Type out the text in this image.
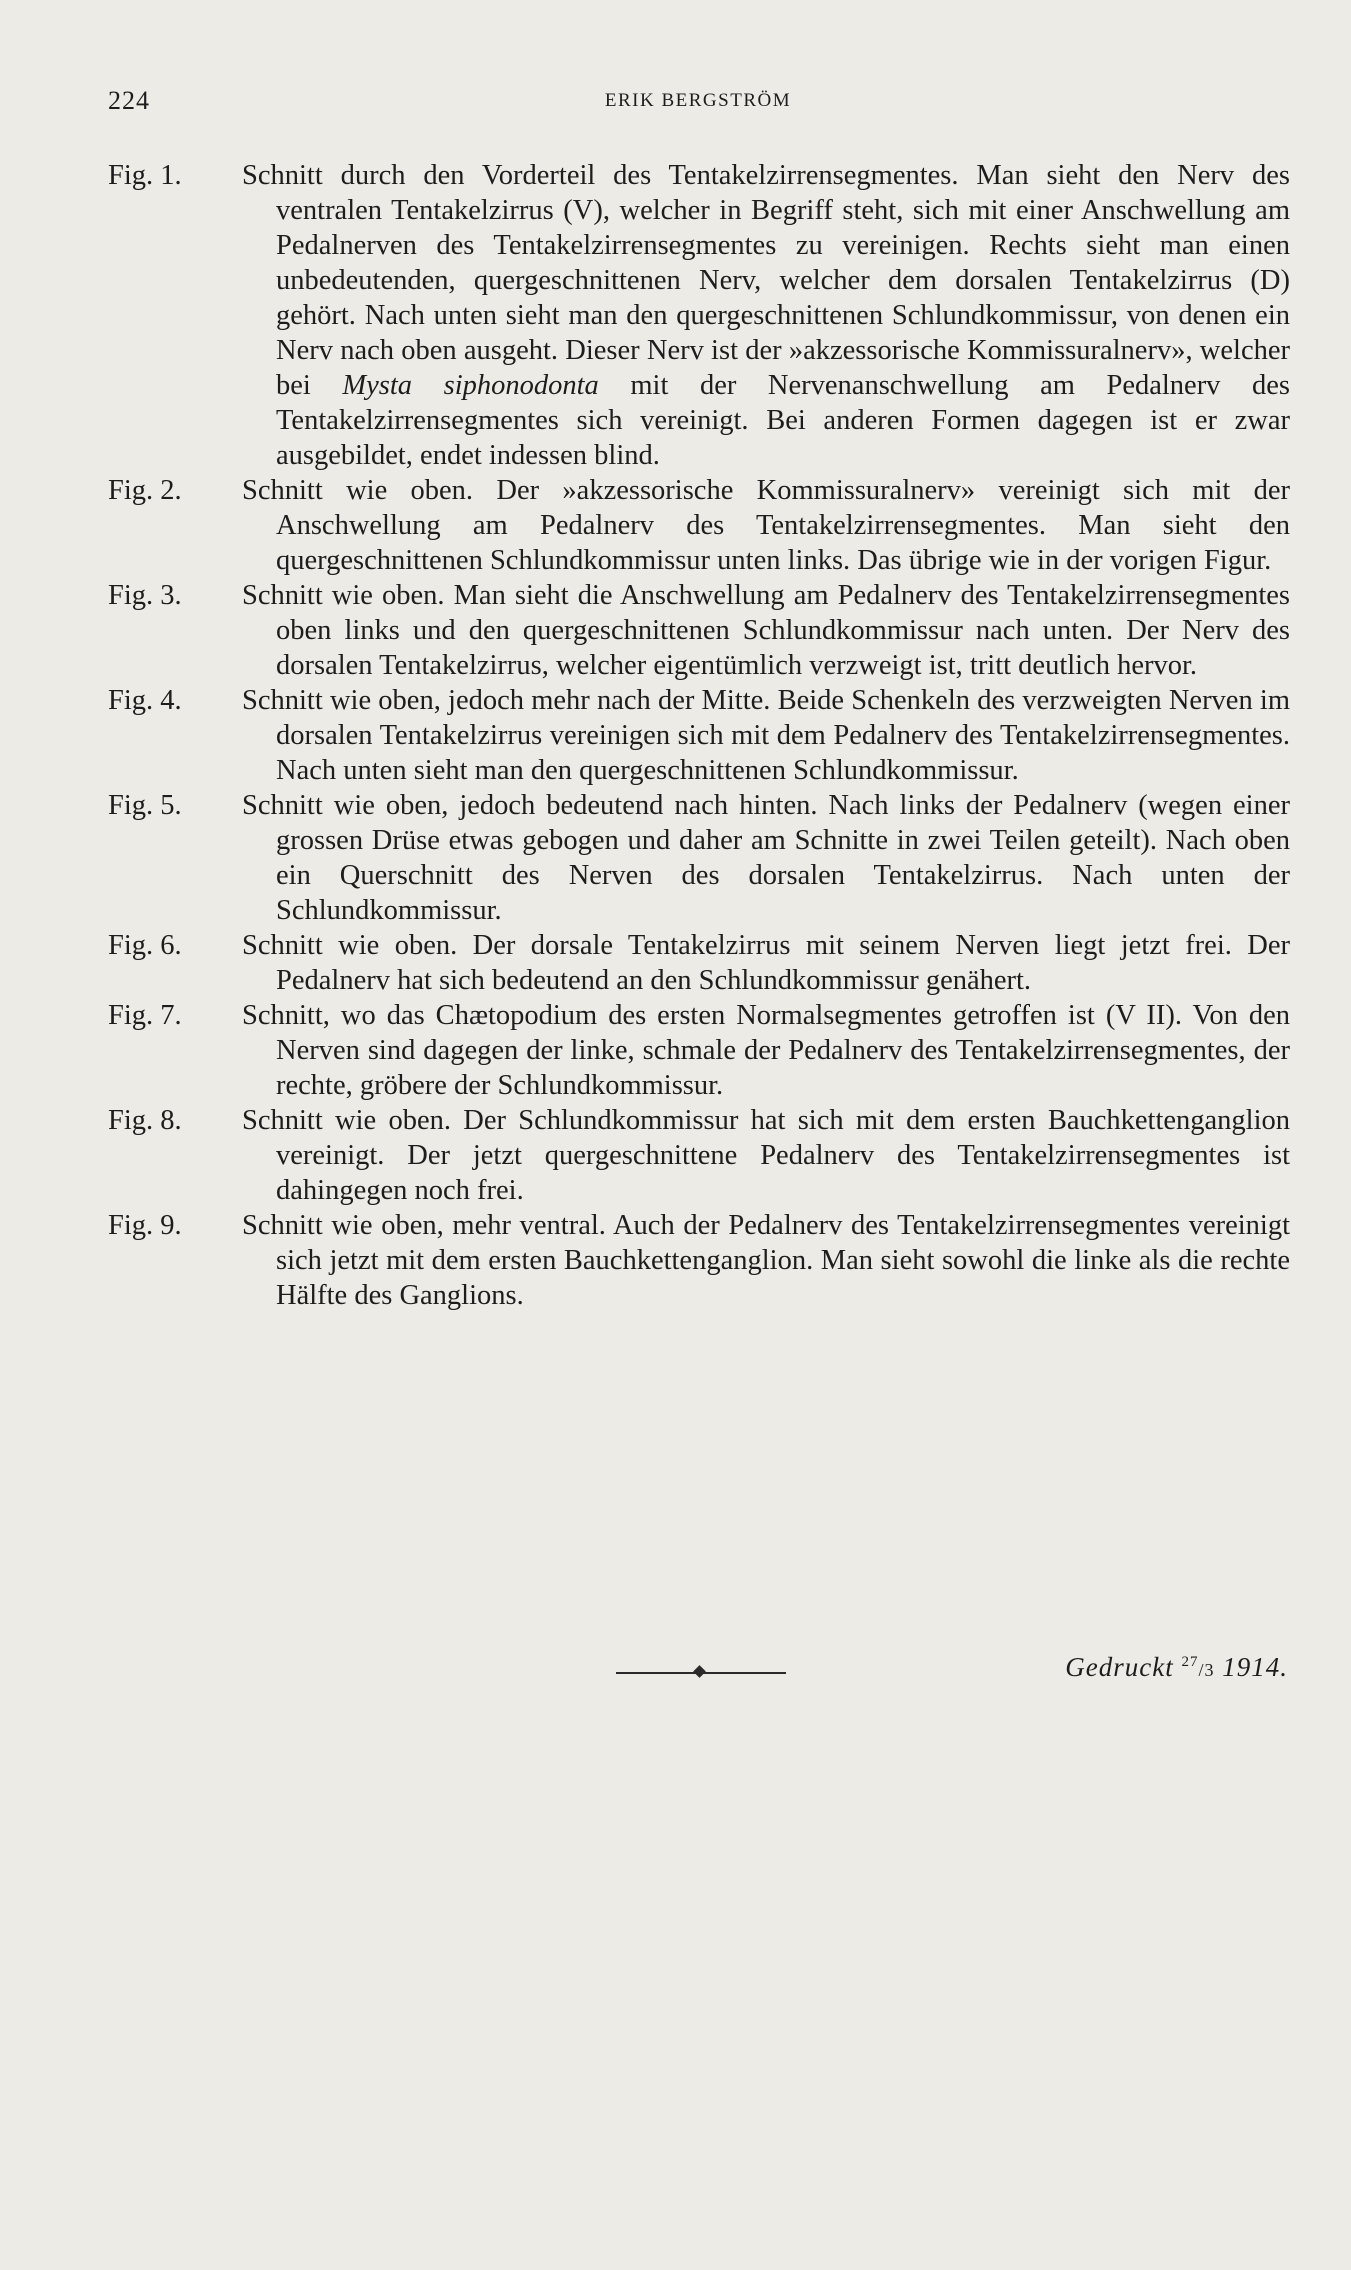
224	ERIK BERGSTRÖM

Fig. 1.	Schnitt durch den Vorderteil des Tentakelzirrensegmentes. Man sieht den Nerv des ventralen Tentakelzirrus (V), welcher in Begriff steht, sich mit einer Anschwellung am Pedalnerven des Tentakelzirrensegmentes zu vereinigen. Rechts sieht man einen unbedeutenden, quergeschnittenen Nerv, welcher dem dorsalen Tentakelzirrus (D) gehört. Nach unten sieht man den quergeschnittenen Schlundkommissur, von denen ein Nerv nach oben ausgeht. Dieser Nerv ist der »akzessorische Kommissuralnerv», welcher bei Mysta siphonodonta mit der Nervenanschwellung am Pedalnerv des Tentakelzirrensegmentes sich vereinigt. Bei anderen Formen dagegen ist er zwar ausgebildet, endet indessen blind.

Fig. 2.	Schnitt wie oben. Der »akzessorische Kommissuralnerv» vereinigt sich mit der Anschwellung am Pedalnerv des Tentakelzirrensegmentes. Man sieht den quergeschnittenen Schlundkommissur unten links. Das übrige wie in der vorigen Figur.

Fig. 3.	Schnitt wie oben. Man sieht die Anschwellung am Pedalnerv des Tentakelzirrensegmentes oben links und den quergeschnittenen Schlundkommissur nach unten. Der Nerv des dorsalen Tentakelzirrus, welcher eigentümlich verzweigt ist, tritt deutlich hervor.

Fig. 4.	Schnitt wie oben, jedoch mehr nach der Mitte. Beide Schenkeln des verzweigten Nerven im dorsalen Tentakelzirrus vereinigen sich mit dem Pedalnerv des Tentakelzirrensegmentes. Nach unten sieht man den quergeschnittenen Schlundkommissur.

Fig. 5.	Schnitt wie oben, jedoch bedeutend nach hinten. Nach links der Pedalnerv (wegen einer grossen Drüse etwas gebogen und daher am Schnitte in zwei Teilen geteilt). Nach oben ein Querschnitt des Nerven des dorsalen Tentakelzirrus. Nach unten der Schlundkommissur.

Fig. 6.	Schnitt wie oben. Der dorsale Tentakelzirrus mit seinem Nerven liegt jetzt frei. Der Pedalnerv hat sich bedeutend an den Schlundkommissur genähert.

Fig. 7.	Schnitt, wo das Chætopodium des ersten Normalsegmentes getroffen ist (V II). Von den Nerven sind dagegen der linke, schmale der Pedalnerv des Tentakelzirrensegmentes, der rechte, gröbere der Schlundkommissur.

Fig. 8.	Schnitt wie oben. Der Schlundkommissur hat sich mit dem ersten Bauchkettenganglion vereinigt. Der jetzt quergeschnittene Pedalnerv des Tentakelzirrensegmentes ist dahingegen noch frei.

Fig. 9.	Schnitt wie oben, mehr ventral. Auch der Pedalnerv des Tentakelzirrensegmentes vereinigt sich jetzt mit dem ersten Bauchkettenganglion. Man sieht sowohl die linke als die rechte Hälfte des Ganglions.

Gedruckt $^{27}$/3 1914.
